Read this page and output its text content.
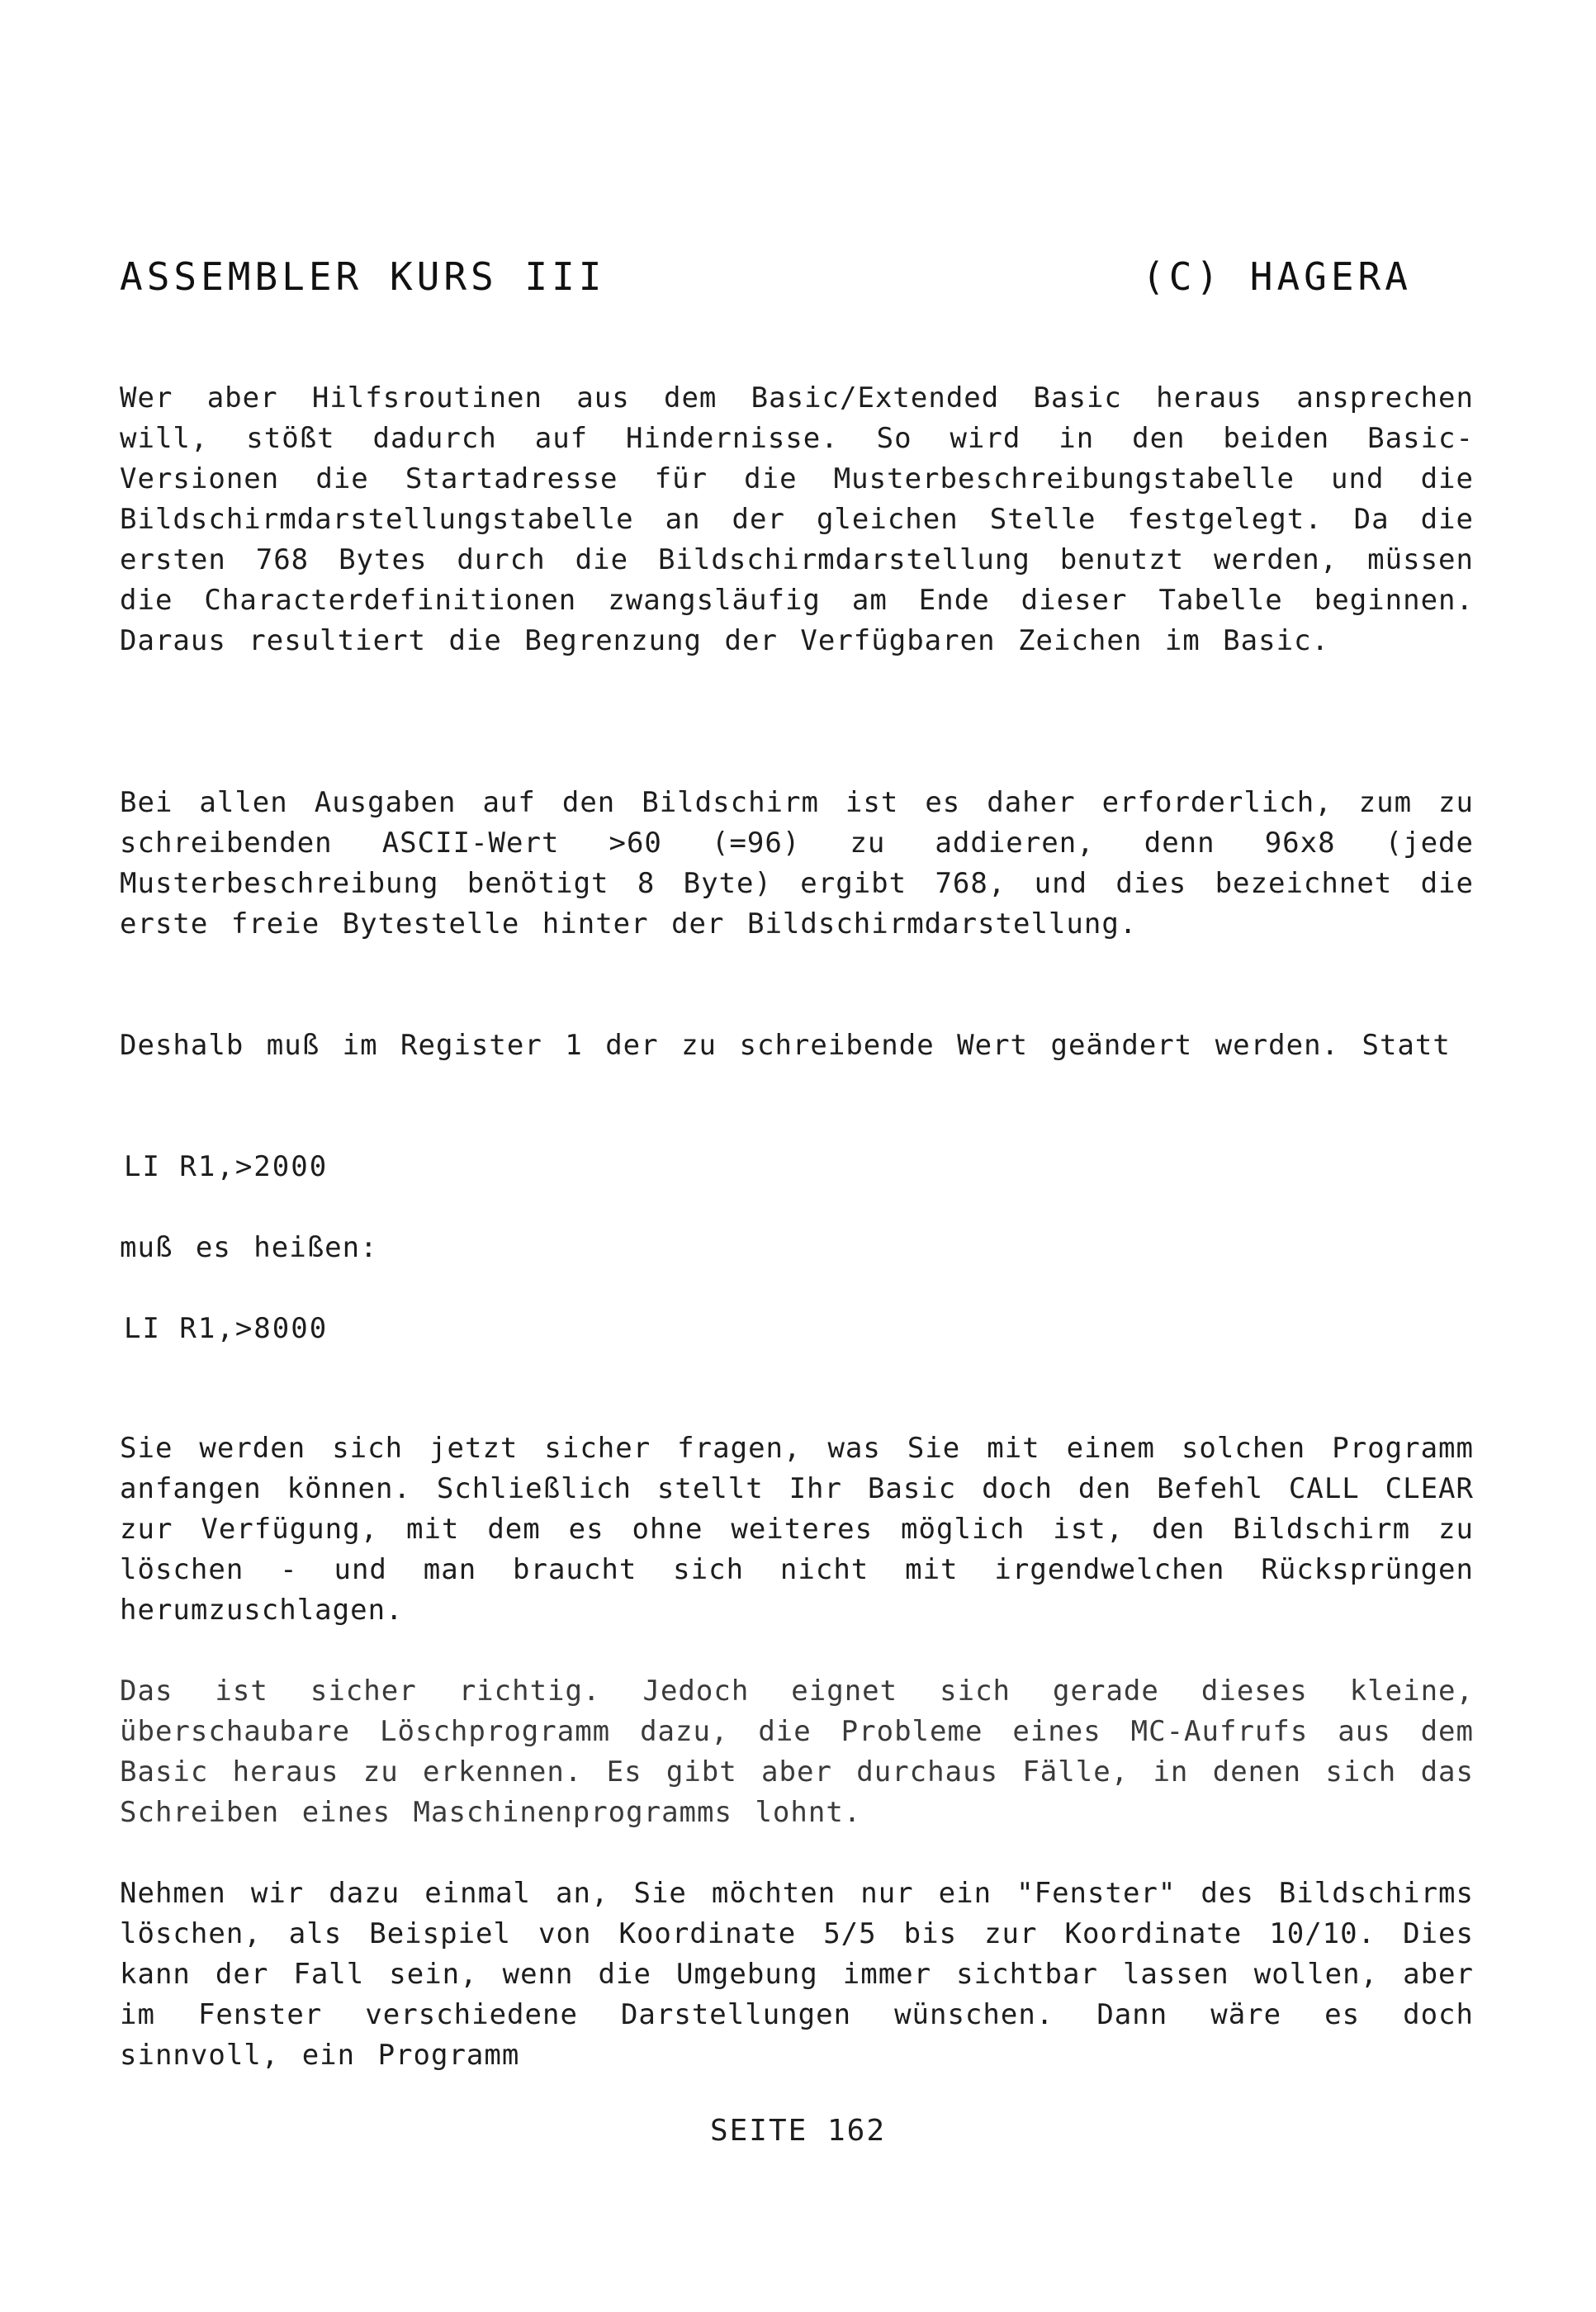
ASSEMBLER KURS III	(C) HAGERA

Wer aber Hilfsroutinen aus dem Basic/Extended Basic heraus ansprechen will, stößt dadurch auf Hindernisse. So wird in den beiden Basic-Versionen die Startadresse für die Musterbeschreibungstabelle und die Bildschirmdarstellungstabelle an der gleichen Stelle festgelegt. Da die ersten 768 Bytes durch die Bildschirmdarstellung benutzt werden, müssen die Characterdefinitionen zwangsläufig am Ende dieser Tabelle beginnen. Daraus resultiert die Begrenzung der Verfügbaren Zeichen im Basic.

Bei allen Ausgaben auf den Bildschirm ist es daher erforderlich, zum zu schreibenden ASCII-Wert >60 (=96) zu addieren, denn 96x8 (jede Musterbeschreibung benötigt 8 Byte) ergibt 768, und dies bezeichnet die erste freie Bytestelle hinter der Bildschirmdarstellung.

Deshalb muß im Register 1 der zu schreibende Wert geändert werden. Statt

LI R1,>2000

muß es heißen:

LI R1,>8000

Sie werden sich jetzt sicher fragen, was Sie mit einem solchen Programm anfangen können. Schließlich stellt Ihr Basic doch den Befehl CALL CLEAR zur Verfügung, mit dem es ohne weiteres möglich ist, den Bildschirm zu löschen - und man braucht sich nicht mit irgendwelchen Rücksprüngen herumzuschlagen.

Das ist sicher richtig. Jedoch eignet sich gerade dieses kleine, überschaubare Löschprogramm dazu, die Probleme eines MC-Aufrufs aus dem Basic heraus zu erkennen. Es gibt aber durchaus Fälle, in denen sich das Schreiben eines Maschinenprogramms lohnt.

Nehmen wir dazu einmal an, Sie möchten nur ein "Fenster" des Bildschirms löschen, als Beispiel von Koordinate 5/5 bis zur Koordinate 10/10. Dies kann der Fall sein, wenn die Umgebung immer sichtbar lassen wollen, aber im Fenster verschiedene Darstellungen wünschen. Dann wäre es doch sinnvoll, ein Programm

SEITE 162
